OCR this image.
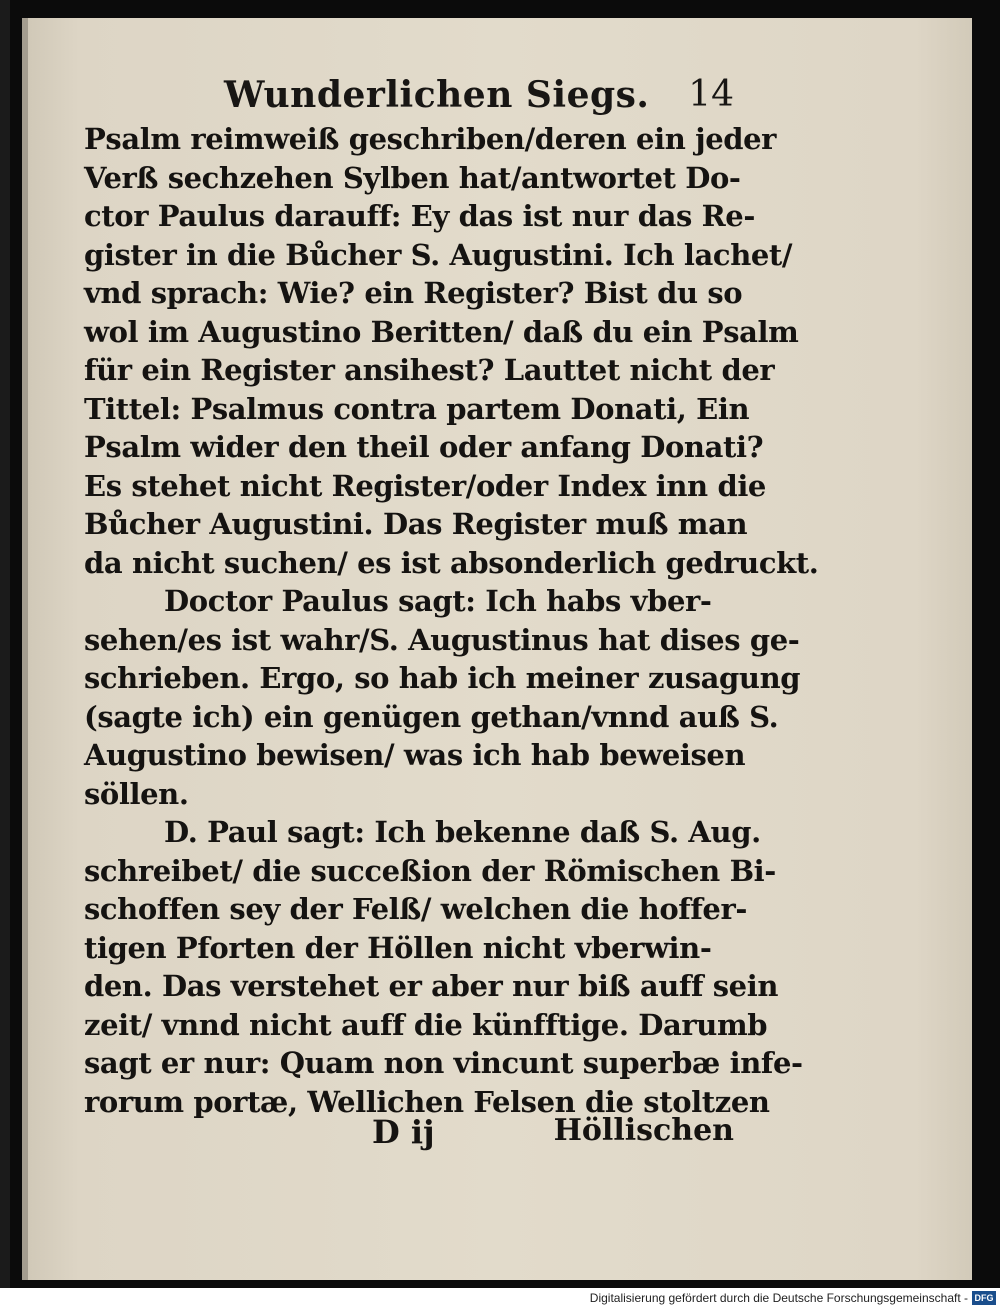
Wunderlichen Siegs. 14
Psalm reimweiß geschriben/deren ein jeder
Verß sechzehen Sylben hat/antwortet Do-
ctor Paulus darauff: Ey das ist nur das Re-
gister in die Bůcher S. Augustini. Ich lachet/
vnd sprach: Wie? ein Register? Bist du so
wol im Augustino Beritten/ daß du ein Psalm
für ein Register ansihest? Lauttet nicht der
Tittel: Psalmus contra partem Donati, Ein
Psalm wider den theil oder anfang Donati?
Es stehet nicht Register/oder Index inn die
Bůcher Augustini. Das Register muß man
da nicht suchen/ es ist absonderlich gedruckt.
Doctor Paulus sagt: Ich habs vber-
sehen/es ist wahr/S. Augustinus hat dises ge-
schrieben. Ergo, so hab ich meiner zusagung
(sagte ich) ein genügen gethan/vnnd auß S.
Augustino bewisen/ was ich hab beweisen
söllen.
D. Paul sagt: Ich bekenne daß S. Aug.
schreibet/ die succeßion der Römischen Bi-
schoffen sey der Felß/ welchen die hoffer-
tigen Pforten der Höllen nicht vberwin-
den. Das verstehet er aber nur biß auff sein
zeit/ vnnd nicht auff die künfftige. Darumb
sagt er nur: Quam non vincunt superbæ infe-
rorum portæ, Wellichen Felsen die stoltzen
D ij	Höllischen
Digitalisierung gefördert durch die Deutsche Forschungsgemeinschaft - DFG
